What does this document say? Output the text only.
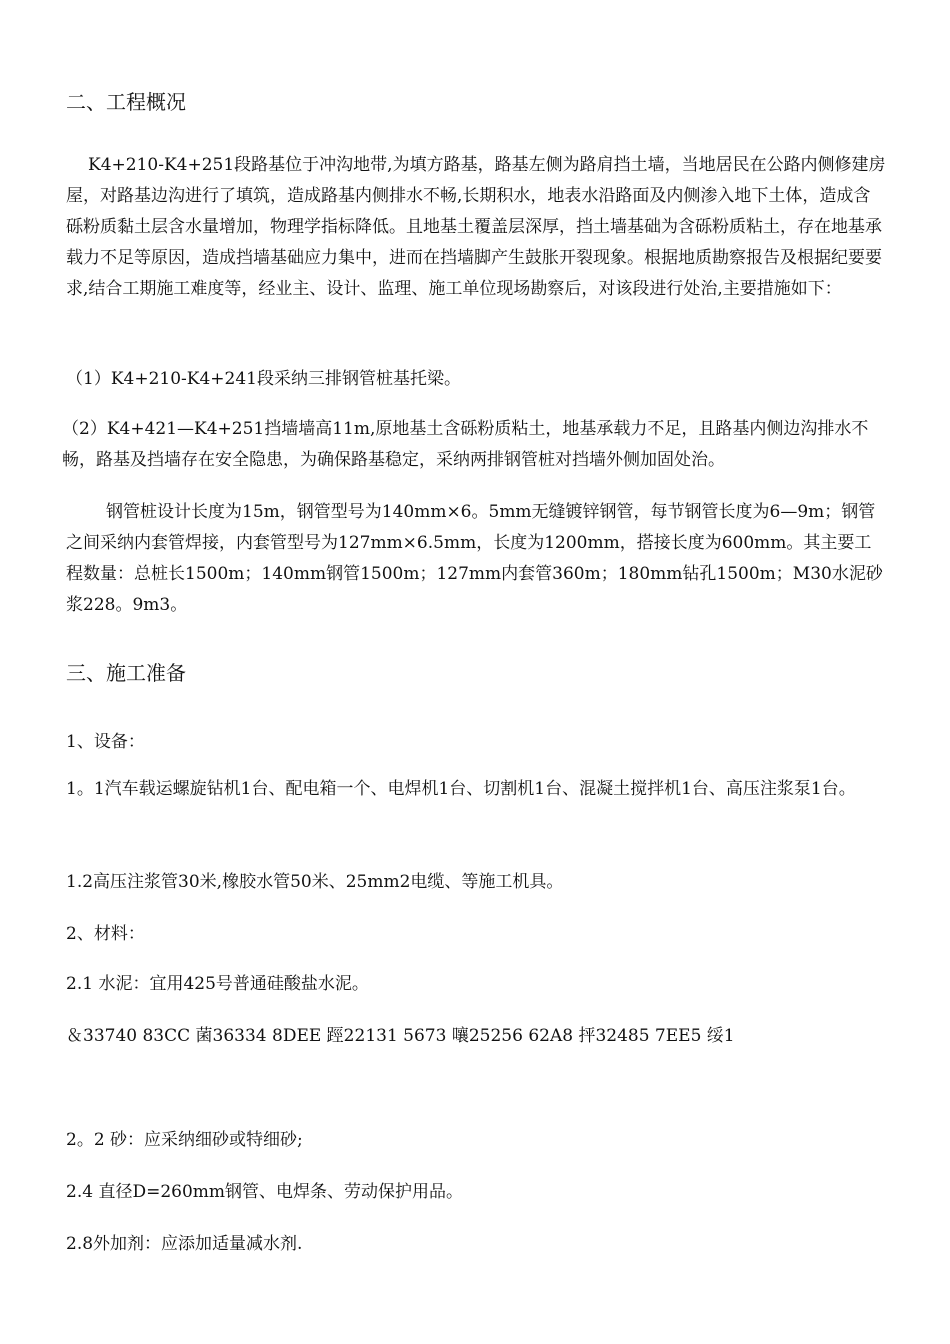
二、工程概况
K4+210-K4+251段路基位于冲沟地带,为填方路基，路基左侧为路肩挡土墙，当地居民在公路内侧修建房屋，对路基边沟进行了填筑，造成路基内侧排水不畅,长期积水，地表水沿路面及内侧渗入地下土体，造成含砾粉质黏土层含水量增加，物理学指标降低。且地基土覆盖层深厚，挡土墙基础为含砾粉质粘土，存在地基承载力不足等原因，造成挡墙基础应力集中，进而在挡墙脚产生鼓胀开裂现象。根据地质勘察报告及根据纪要要求,结合工期施工难度等，经业主、设计、监理、施工单位现场勘察后，对该段进行处治,主要措施如下：
（1）K4+210-K4+241段采纳三排钢管桩基托梁。
（2）K4+421—K4+251挡墙墙高11m,原地基土含砾粉质粘土，地基承载力不足，且路基内侧边沟排水不畅，路基及挡墙存在安全隐患，为确保路基稳定，采纳两排钢管桩对挡墙外侧加固处治。
钢管桩设计长度为15m，钢管型号为140mm×6。5mm无缝镀锌钢管，每节钢管长度为6—9m；钢管之间采纳内套管焊接，内套管型号为127mm×6.5mm，长度为1200mm，搭接长度为600mm。其主要工程数量：总桩长1500m；140mm钢管1500m；127mm内套管360m；180mm钻孔1500m；M30水泥砂浆228。9m3。
三、施工准备
1、设备：
1。1汽车载运螺旋钻机1台、配电箱一个、电焊机1台、切割机1台、混凝土搅拌机1台、高压注浆泵1台。
1.2高压注浆管30米,橡胶水管50米、25mm2电缆、等施工机具。
2、材料：
2.1 水泥：宜用425号普通硅酸盐水泥。
＆33740 83CC 菌36334 8DEE 踁22131 5673 嚷25256 62A8 抨32485 7EE5 绥1
2。2 砂：应采纳细砂或特细砂;
2.4 直径D=260mm钢管、电焊条、劳动保护用品。
2.8外加剂：应添加适量减水剂.
